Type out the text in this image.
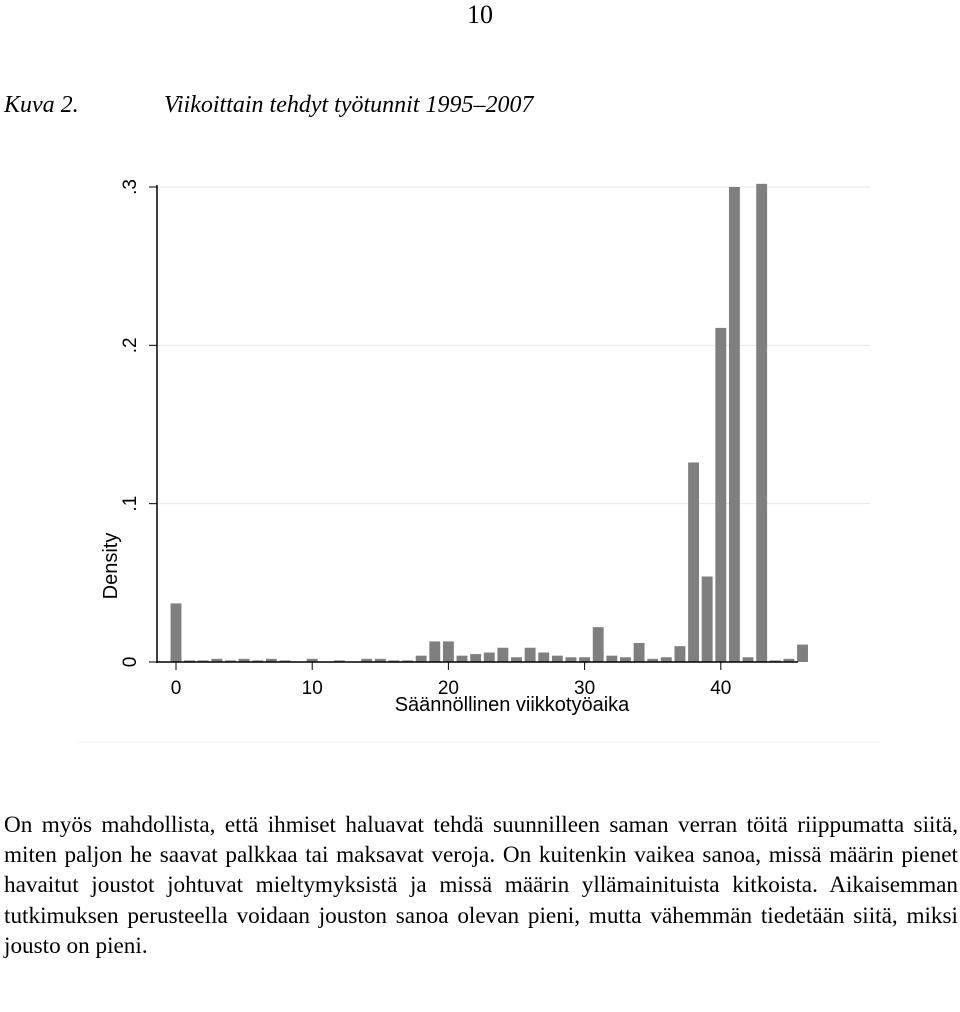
10
Kuva 2.	Viikoittain tehdyt työtunnit 1995–2007
0	10	20	30	40
0
.1
.2
.3
Säännöllinen viikkotyöaika
Density
On myös mahdollista, että ihmiset haluavat tehdä suunnilleen saman verran töitä riippumatta siitä, miten paljon he saavat palkkaa tai maksavat veroja. On kuitenkin vaikea sanoa, missä määrin pienet havaitut joustot johtuvat mieltymyksistä ja missä määrin yllämainituista kitkoista. Aikaisemman tutkimuksen perusteella voidaan jouston sanoa olevan pieni, mutta vähemmän tiedetään siitä, miksi jousto on pieni.
